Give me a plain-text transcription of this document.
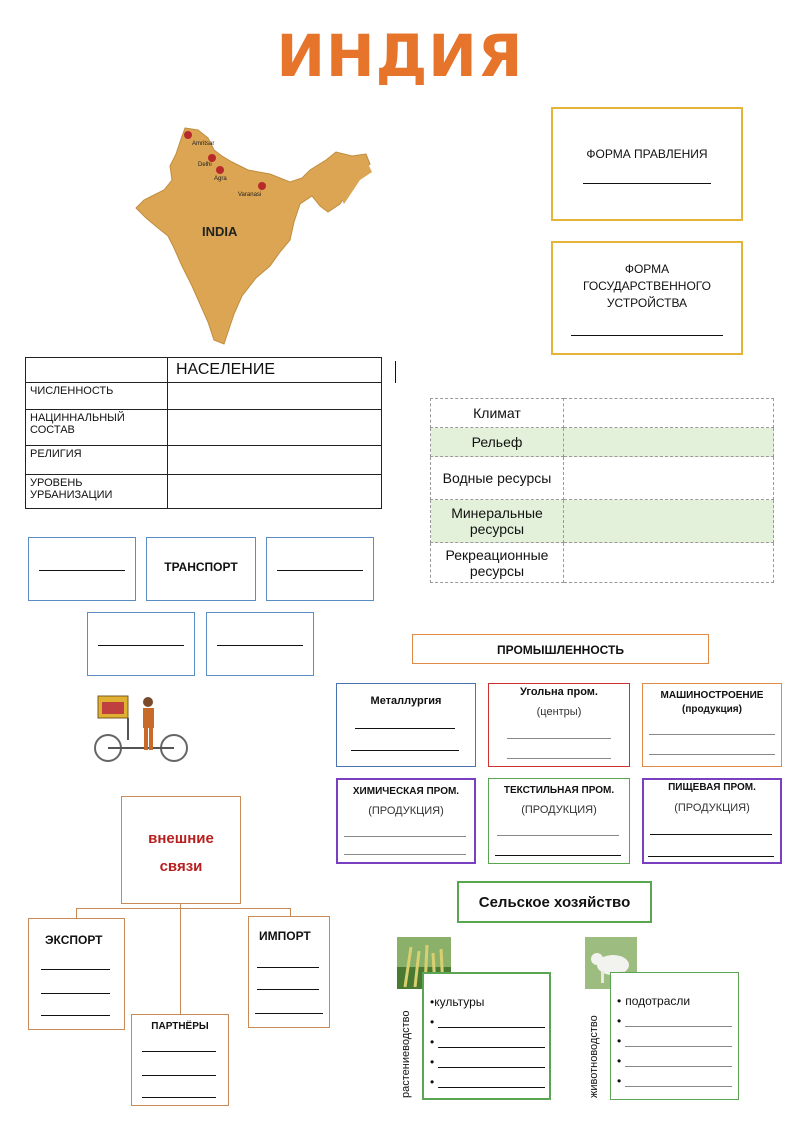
ИНДИЯ
Amritsar
Delhi
Agra
Varanasi
INDIA
ФОРМА ПРАВЛЕНИЯ
ФОРМА ГОСУДАРСТВЕННОГО УСТРОЙСТВА
	НАСЕЛЕНИЕ
ЧИСЛЕННОСТЬ	
НАЦИННАЛЬНЫЙ СОСТАВ	
РЕЛИГИЯ	
УРОВЕНЬ УРБАНИЗАЦИИ	
Климат	
Рельеф	
Водные ресурсы	
Минеральные ресурсы	
Рекреационные ресурсы	
ТРАНСПОРТ
ПРОМЫШЛЕННОСТЬ
Металлургия
Угольна пром.
(центры)
МАШИНОСТРОЕНИЕ
(продукция)
ХИМИЧЕСКАЯ ПРОМ.
(ПРОДУКЦИЯ)
ТЕКСТИЛЬНАЯ ПРОМ.
(ПРОДУКЦИЯ)
ПИЩЕВАЯ ПРОМ.
(ПРОДУКЦИЯ)
внешние связи
ЭКСПОРТ	ИМПОРТ
ПАРТНЁРЫ
Сельское хозяйство
растениеводство
• культуры
•
•
•
•	животноводство
• подотрасли
•
•
•
•
